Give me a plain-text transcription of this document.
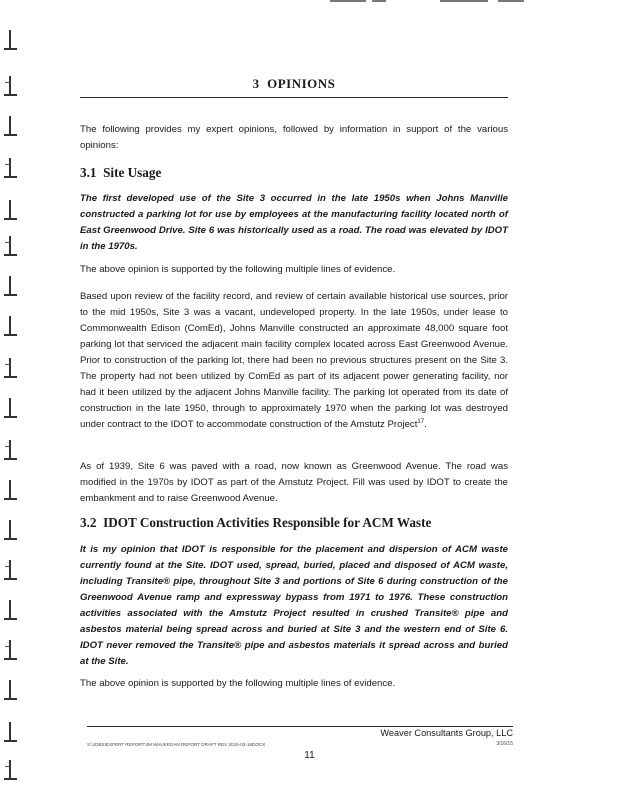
3 OPINIONS

The following provides my expert opinions, followed by information in support of the various opinions:

3.1 Site Usage

The first developed use of the Site 3 occurred in the late 1950s when Johns Manville constructed a parking lot for use by employees at the manufacturing facility located north of East Greenwood Drive. Site 6 was historically used as a road. The road was elevated by IDOT in the 1970s.

The above opinion is supported by the following multiple lines of evidence.

Based upon review of the facility record, and review of certain available historical use sources, prior to the mid 1950s, Site 3 was a vacant, undeveloped property. In the late 1950s, under lease to Commonwealth Edison (ComEd), Johns Manville constructed an approximate 48,000 square foot parking lot that serviced the adjacent main facility complex located across East Greenwood Avenue. Prior to construction of the parking lot, there had been no previous structures present on the Site 3. The property had not been utilized by ComEd as part of its adjacent power generating facility, nor had it been utilized by the adjacent Johns Manville facility. The parking lot operated from its date of construction in the late 1950, through to approximately 1970 when the parking lot was destroyed under contract to the IDOT to accommodate construction of the Amstutz Project$^{17}$.

As of 1939, Site 6 was paved with a road, now known as Greenwood Avenue. The road was modified in the 1970s by IDOT as part of the Amstutz Project. Fill was used by IDOT to create the embankment and to raise Greenwood Avenue.

3.2 IDOT Construction Activities Responsible for ACM Waste

It is my opinion that IDOT is responsible for the placement and dispersion of ACM waste currently found at the Site. IDOT used, spread, buried, placed and disposed of ACM waste, including Transite® pipe, throughout Site 3 and portions of Site 6 during construction of the Greenwood Avenue ramp and expressway bypass from 1971 to 1976. These construction activities associated with the Amstutz Project resulted in crushed Transite® pipe and asbestos material being spread across and buried at Site 3 and the western end of Site 6. IDOT never removed the Transite® pipe and asbestos materials it spread across and buried at the Site.

The above opinion is supported by the following multiple lines of evidence.

Weaver Consultants Group, LLC
S:\JOBS\EXPERT REPORT\JM WAUKEGAN REPORT DRAFT REV 2015-03-16DOCX	3/16/15
11
